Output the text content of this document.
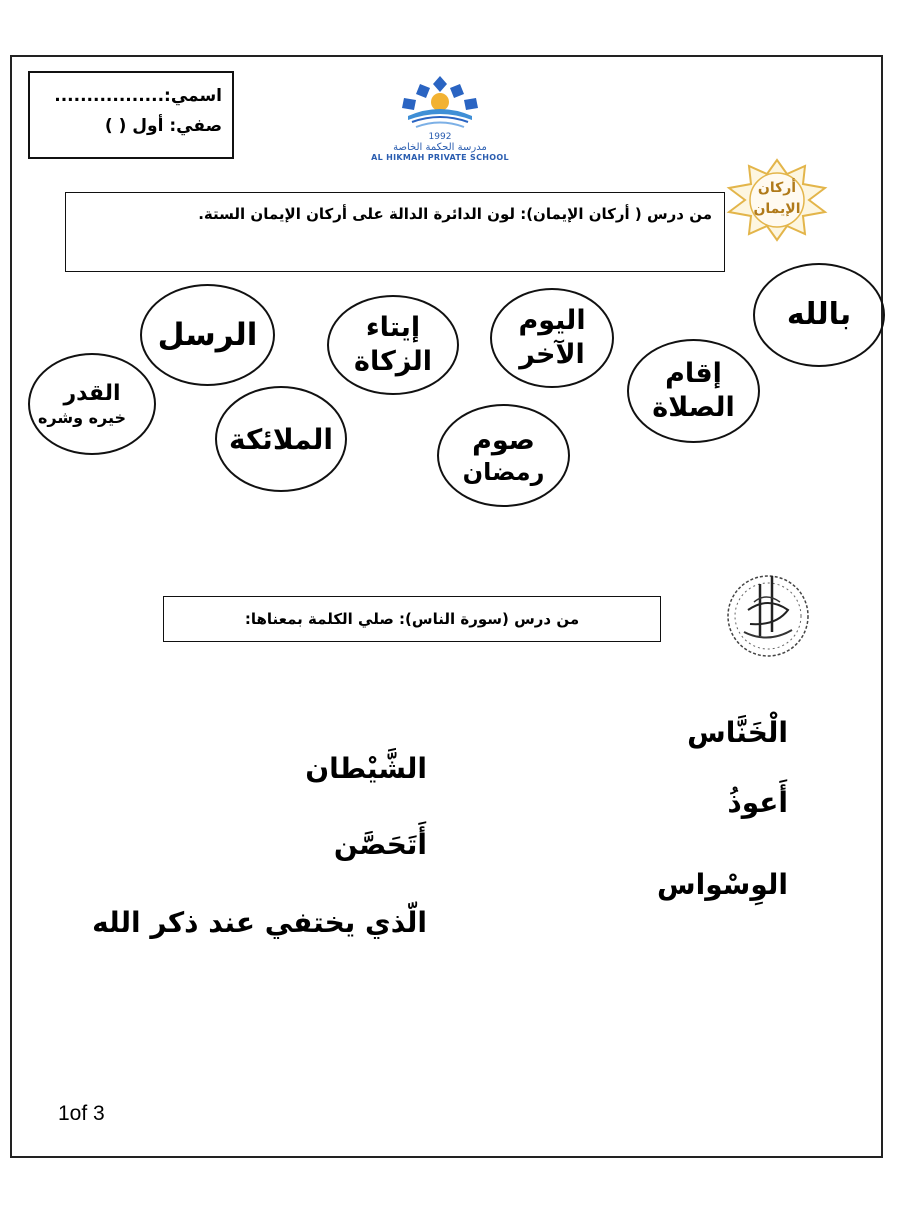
اسمي:.................
صفي: أول ( )
1992
مدرسة الحكمة الخاصة
AL HIKMAH PRIVATE SCHOOL
من درس ( أركان الإيمان): لون الدائرة الدالة على أركان الإيمان الستة.
أركان
الإيمان
بالله
اليوم
الآخر
إيتاء
الزكاة
الرسل
القدر
خيره وشره
إقام
الصلاة
صوم
رمضان
الملائكة
من درس (سورة الناس): صلي الكلمة بمعناها:
الْخَنَّاس
أَعوذُ
الوِسْواس
الشَّيْطان
أَتَحَصَّن
الّذي يختفي عند ذكر الله
1of 3
